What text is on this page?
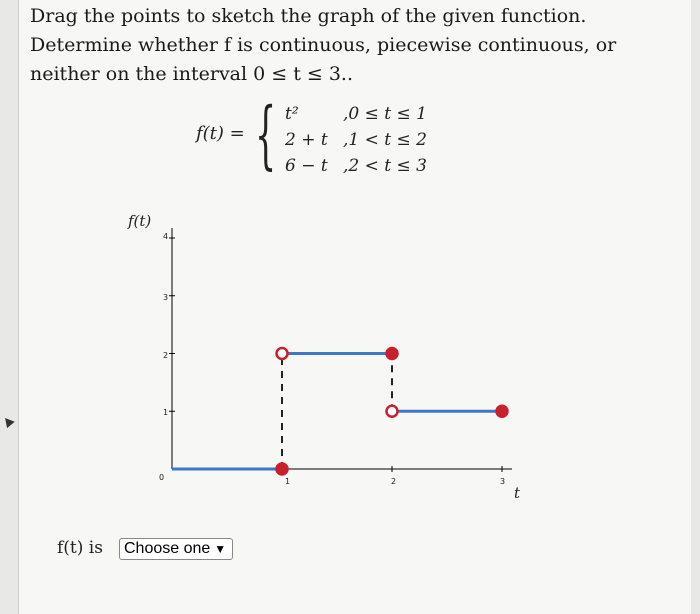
Drag the points to sketch the graph of the given function. Determine whether f is continuous, piecewise continuous, or neither on the interval 0 ≤ t ≤ 3..
f(t) = { t²	,0 ≤ t ≤ 1
2 + t ,1 < t ≤ 2
6 − t ,2 < t ≤ 3
f(t)
t
0
1
2
3
4
1	2	3
f(t) is Choose one ▼
